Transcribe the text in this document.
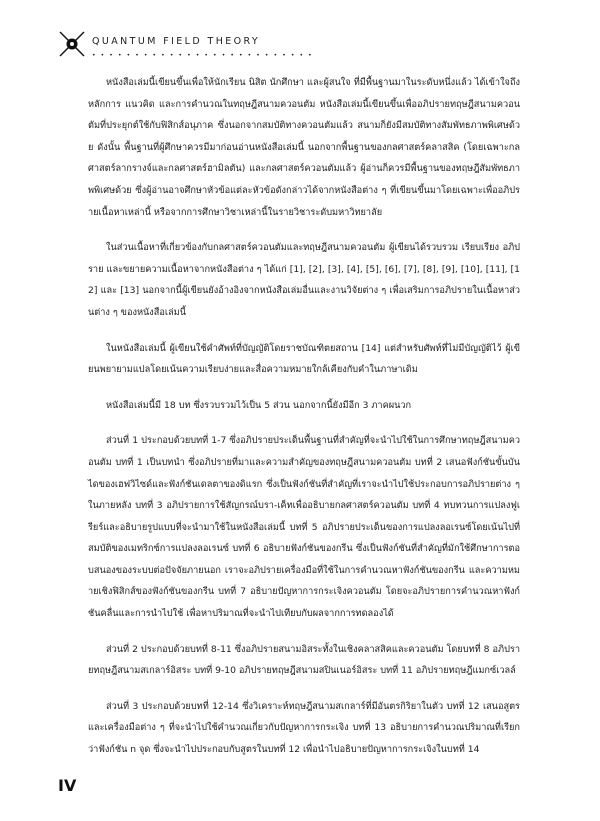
QUANTUM FIELD THEORY
• • • • • • • • • • • • • • • • • • • • • • • • • •

หนังสือเล่มนี้เขียนขึ้นเพื่อให้นักเรียน นิสิต นักศึกษา และผู้สนใจ ที่มีพื้นฐานมาในระดับหนึ่งแล้ว ได้เข้าใจถึงหลักการ แนวคิด และการคำนวณในทฤษฎีสนามควอนตัม หนังสือเล่มนี้เขียนขึ้นเพื่ออภิปรายทฤษฎีสนามควอนตัมที่ประยุกต์ใช้กับฟิสิกส์อนุภาค ซึ่งนอกจากสมบัติทางควอนตัมแล้ว สนามก็ยังมีสมบัติทางสัมพัทธภาพพิเศษด้วย ดังนั้น พื้นฐานที่ผู้ศึกษาควรมีมาก่อนอ่านหนังสือเล่มนี้ นอกจากพื้นฐานของกลศาสตร์คลาสสิค (โดยเฉพาะกลศาสตร์ลากรางจ์และกลศาสตร์ฮามิลตัน) และกลศาสตร์ควอนตัมแล้ว ผู้อ่านก็ควรมีพื้นฐานของทฤษฎีสัมพัทธภาพพิเศษด้วย ซึ่งผู้อ่านอาจศึกษาหัวข้อแต่ละหัวข้อดังกล่าวได้จากหนังสือต่าง ๆ ที่เขียนขึ้นมาโดยเฉพาะเพื่ออภิปรายเนื้อหาเหล่านี้ หรือจากการศึกษาวิชาเหล่านี้ในรายวิชาระดับมหาวิทยาลัย

ในส่วนเนื้อหาที่เกี่ยวข้องกับกลศาสตร์ควอนตัมและทฤษฎีสนามควอนตัม ผู้เขียนได้รวบรวม เรียบเรียง อภิปราย และขยายความเนื้อหาจากหนังสือต่าง ๆ ได้แก่ [1], [2], [3], [4], [5], [6], [7], [8], [9], [10], [11], [12] และ [13] นอกจากนี้ผู้เขียนยังอ้างอิงจากหนังสือเล่มอื่นและงานวิจัยต่าง ๆ เพื่อเสริมการอภิปรายในเนื้อหาส่วนต่าง ๆ ของหนังสือเล่มนี้

ในหนังสือเล่มนี้ ผู้เขียนใช้คำศัพท์ที่บัญญัติโดยราชบัณฑิตยสถาน [14] แต่สำหรับศัพท์ที่ไม่มีบัญญัติไว้ ผู้เขียนพยายามแปลโดยเน้นความเรียบง่ายและสื่อความหมายใกล้เคียงกับคำในภาษาเดิม

หนังสือเล่มนี้มี 18 บท ซึ่งรวบรวมไว้เป็น 5 ส่วน นอกจากนี้ยังมีอีก 3 ภาคผนวก

ส่วนที่ 1 ประกอบด้วยบทที่ 1-7 ซึ่งอภิปรายประเด็นพื้นฐานที่สำคัญที่จะนำไปใช้ในการศึกษาทฤษฎีสนามควอนตัม บทที่ 1 เป็นบทนำ ซึ่งอภิปรายที่มาและความสำคัญของทฤษฎีสนามควอนตัม บทที่ 2 เสนอฟังก์ชันขั้นบันไดของเฮฟวิไซด์และฟังก์ชันเดลตาของดิแรก ซึ่งเป็นฟังก์ชันที่สำคัญที่เราจะนำไปใช้ประกอบการอภิปรายต่าง ๆ ในภายหลัง บทที่ 3 อภิปรายการใช้สัญกรณ์บรา-เค็ทเพื่ออธิบายกลศาสตร์ควอนตัม บทที่ 4 ทบทวนการแปลงฟูเรียร์และอธิบายรูปแบบที่จะนำมาใช้ในหนังสือเล่มนี้ บทที่ 5 อภิปรายประเด็นของการแปลงลอเรนซ์โดยเน้นไปที่สมบัติของเมทริกซ์การแปลงลอเรนซ์ บทที่ 6 อธิบายฟังก์ชันของกรีน ซึ่งเป็นฟังก์ชันที่สำคัญที่มักใช้ศึกษาการตอบสนองของระบบต่อปัจจัยภายนอก เราจะอภิปรายเครื่องมือที่ใช้ในการคำนวณหาฟังก์ชันของกรีน และความหมายเชิงฟิสิกส์ของฟังก์ชันของกรีน บทที่ 7 อธิบายปัญหาการกระเจิงควอนตัม โดยจะอภิปรายการคำนวณหาฟังก์ชันคลื่นและการนำไปใช้ เพื่อหาปริมาณที่จะนำไปเทียบกับผลจากการทดลองได้

ส่วนที่ 2 ประกอบด้วยบทที่ 8-11 ซึ่งอภิปรายสนามอิสระทั้งในเชิงคลาสสิคและควอนตัม โดยบทที่ 8 อภิปรายทฤษฎีสนามสเกลาร์อิสระ บทที่ 9-10 อภิปรายทฤษฎีสนามสปินเนอร์อิสระ บทที่ 11 อภิปรายทฤษฎีแมกซ์เวลล์

ส่วนที่ 3 ประกอบด้วยบทที่ 12-14 ซึ่งวิเคราะห์ทฤษฎีสนามสเกลาร์ที่มีอันตรกิริยาในตัว บทที่ 12 เสนอสูตรและเครื่องมือต่าง ๆ ที่จะนำไปใช้คำนวณเกี่ยวกับปัญหาการกระเจิง บทที่ 13 อธิบายการคำนวณปริมาณที่เรียกว่าฟังก์ชัน n จุด ซึ่งจะนำไปประกอบกับสูตรในบทที่ 12 เพื่อนำไปอธิบายปัญหาการกระเจิงในบทที่ 14

IV
